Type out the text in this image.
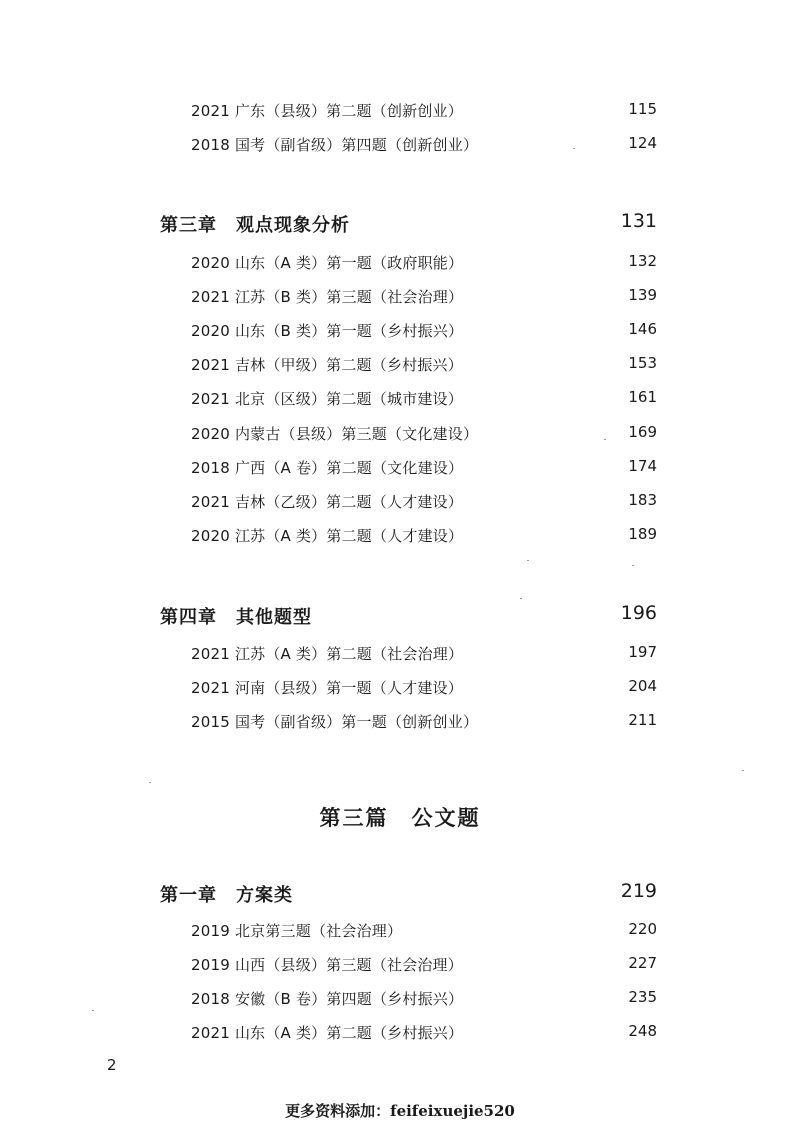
2021 广东（县级）第二题（创新创业）	115
2018 国考（副省级）第四题（创新创业）	124
第三章　观点现象分析	131
2020 山东（A 类）第一题（政府职能）	132
2021 江苏（B 类）第三题（社会治理）	139
2020 山东（B 类）第一题（乡村振兴）	146
2021 吉林（甲级）第二题（乡村振兴）	153
2021 北京（区级）第二题（城市建设）	161
2020 内蒙古（县级）第三题（文化建设）	169
2018 广西（A 卷）第二题（文化建设）	174
2021 吉林（乙级）第二题（人才建设）	183
2020 江苏（A 类）第二题（人才建设）	189
第四章　其他题型	196
2021 江苏（A 类）第二题（社会治理）	197
2021 河南（县级）第一题（人才建设）	204
2015 国考（副省级）第一题（创新创业）	211
第三篇　公文题
第一章　方案类	219
2019 北京第三题（社会治理）	220
2019 山西（县级）第三题（社会治理）	227
2018 安徽（B 卷）第四题（乡村振兴）	235
2021 山东（A 类）第二题（乡村振兴）	248
2
更多资料添加：feifeixuejie520
